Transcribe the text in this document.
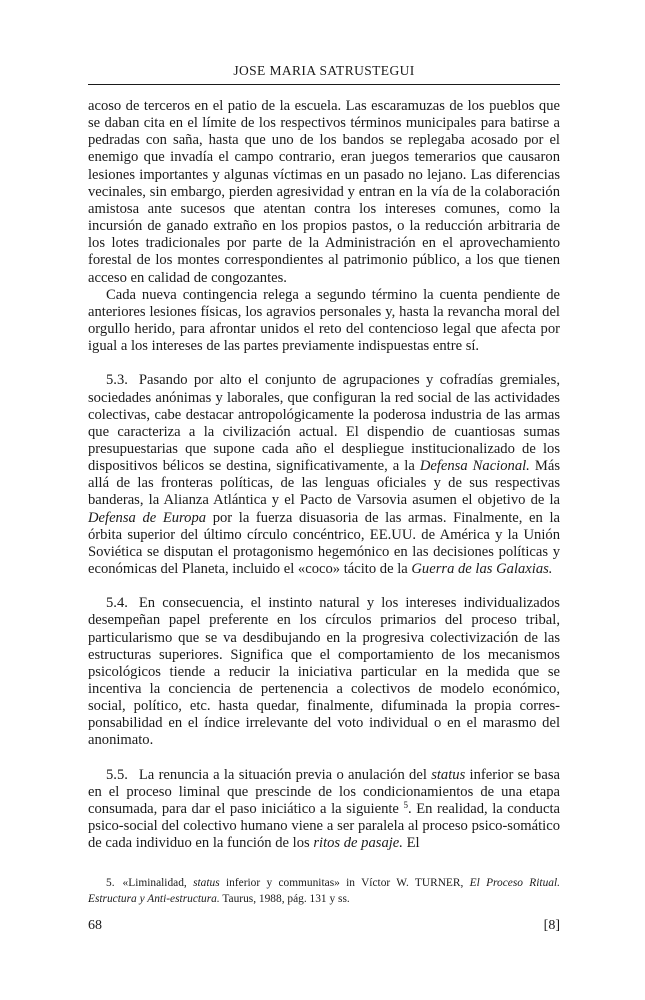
JOSE MARIA SATRUSTEGUI

acoso de terceros en el patio de la escuela. Las escaramuzas de los pueblos que se daban cita en el límite de los respectivos términos municipales para batirse a pedradas con saña, hasta que uno de los bandos se replegaba acosado por el enemigo que invadía el campo contrario, eran juegos temerarios que causaron lesiones importantes y algunas víctimas en un pasado no lejano. Las diferencias vecinales, sin embargo, pierden agresividad y entran en la vía de la colaboración amistosa ante sucesos que atentan contra los intereses comunes, como la incursión de ganado extraño en los propios pastos, o la reducción arbitraria de los lotes tradicionales por parte de la Administración en el aprovechamiento forestal de los montes correspondientes al patrimonio público, a los que tienen acceso en calidad de congozantes.

Cada nueva contingencia relega a segundo término la cuenta pendiente de anteriores lesiones físicas, los agravios personales y, hasta la revancha moral del orgullo herido, para afrontar unidos el reto del contencioso legal que afecta por igual a los intereses de las partes previamente indispuestas entre sí.

5.3. Pasando por alto el conjunto de agrupaciones y cofradías gremiales, sociedades anónimas y laborales, que configuran la red social de las actividades colectivas, cabe destacar antropológicamente la poderosa industria de las armas que caracteriza a la civilización actual. El dispendio de cuantiosas sumas presupuestarias que supone cada año el despliegue institucionalizado de los dispositivos bélicos se destina, significativamente, a la Defensa Nacional. Más allá de las fronteras políticas, de las lenguas oficiales y de sus respectivas banderas, la Alianza Atlántica y el Pacto de Varsovia asumen el objetivo de la Defensa de Europa por la fuerza disuasoria de las armas. Finalmente, en la órbita superior del último círculo concéntrico, EE.UU. de América y la Unión Soviética se disputan el protagonismo hegemónico en las decisiones políticas y económicas del Planeta, incluido el «coco» tácito de la Guerra de las Galaxias.

5.4. En consecuencia, el instinto natural y los intereses individualizados desempeñan papel preferente en los círculos primarios del proceso tribal, particularismo que se va desdibujando en la progresiva colectivización de las estructuras superiores. Significa que el comportamiento de los mecanismos psicológicos tiende a reducir la iniciativa particular en la medida que se incentiva la conciencia de pertenencia a colectivos de modelo económico, social, político, etc. hasta quedar, finalmente, difuminada la propia corresponsabilidad en el índice irrelevante del voto individual o en el marasmo del anonimato.

5.5. La renuncia a la situación previa o anulación del status inferior se basa en el proceso liminal que prescinde de los condicionamientos de una etapa consumada, para dar el paso iniciático a la siguiente $^5$. En realidad, la conducta psico-social del colectivo humano viene a ser paralela al proceso psico-somático de cada individuo en la función de los ritos de pasaje. El

5. «Liminalidad, status inferior y communitas» in Víctor W. TURNER, El Proceso Ritual. Estructura y Anti-estructura. Taurus, 1988, pág. 131 y ss.

68	[8]
